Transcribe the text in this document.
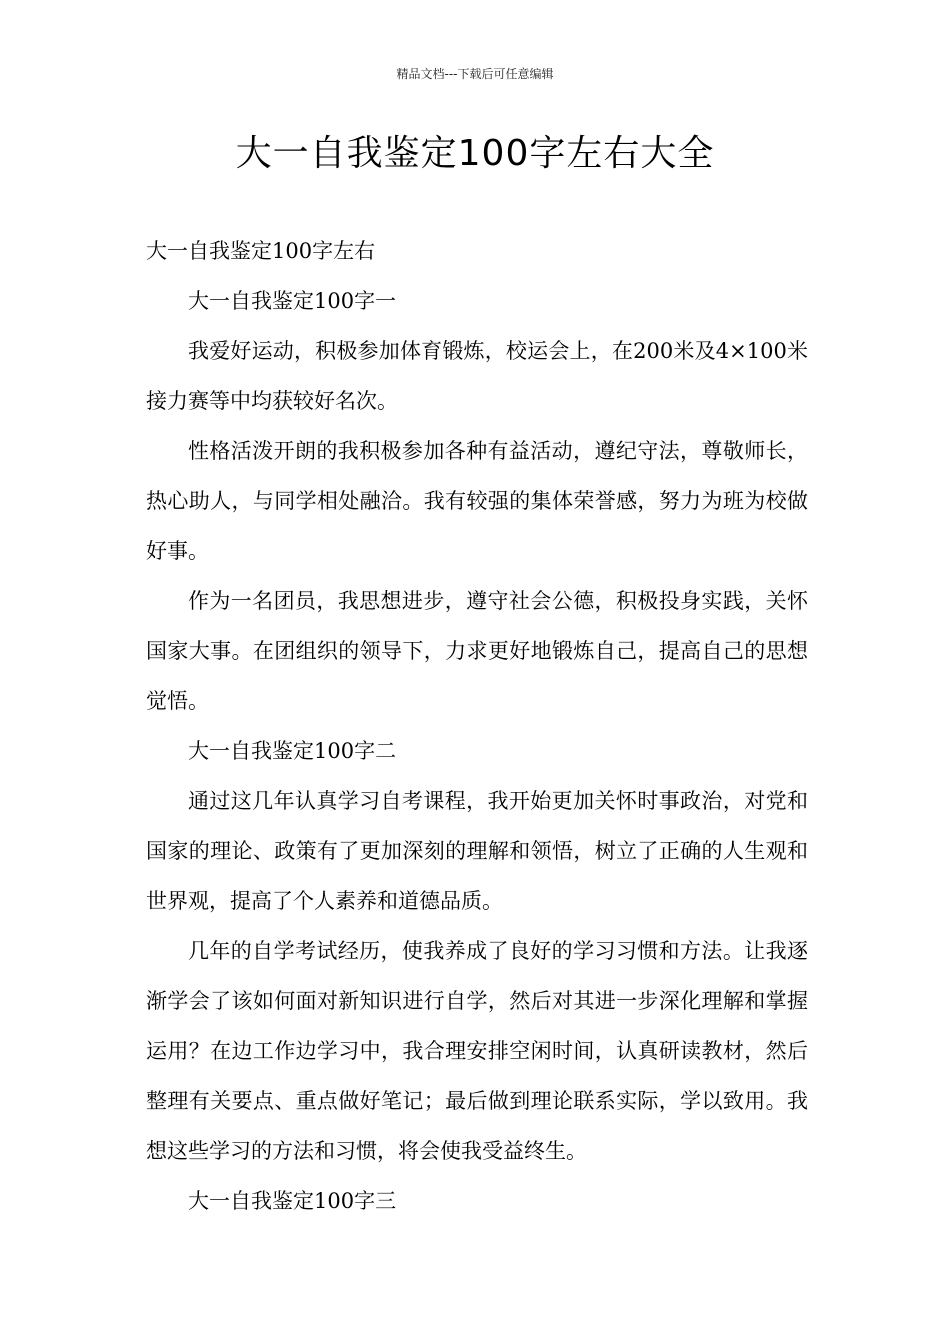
精品文档---下载后可任意编辑
大一自我鉴定100字左右大全

大一自我鉴定100字左右

大一自我鉴定100字一

我爱好运动，积极参加体育锻炼，校运会上，在200米及4×100米接力赛等中均获较好名次。

性格活泼开朗的我积极参加各种有益活动，遵纪守法，尊敬师长，热心助人，与同学相处融洽。我有较强的集体荣誉感，努力为班为校做好事。

作为一名团员，我思想进步，遵守社会公德，积极投身实践，关怀国家大事。在团组织的领导下，力求更好地锻炼自己，提高自己的思想觉悟。

大一自我鉴定100字二

通过这几年认真学习自考课程，我开始更加关怀时事政治，对党和国家的理论、政策有了更加深刻的理解和领悟，树立了正确的人生观和世界观，提高了个人素养和道德品质。

几年的自学考试经历，使我养成了良好的学习习惯和方法。让我逐渐学会了该如何面对新知识进行自学，然后对其进一步深化理解和掌握运用？在边工作边学习中，我合理安排空闲时间，认真研读教材，然后整理有关要点、重点做好笔记；最后做到理论联系实际，学以致用。我想这些学习的方法和习惯，将会使我受益终生。

大一自我鉴定100字三
